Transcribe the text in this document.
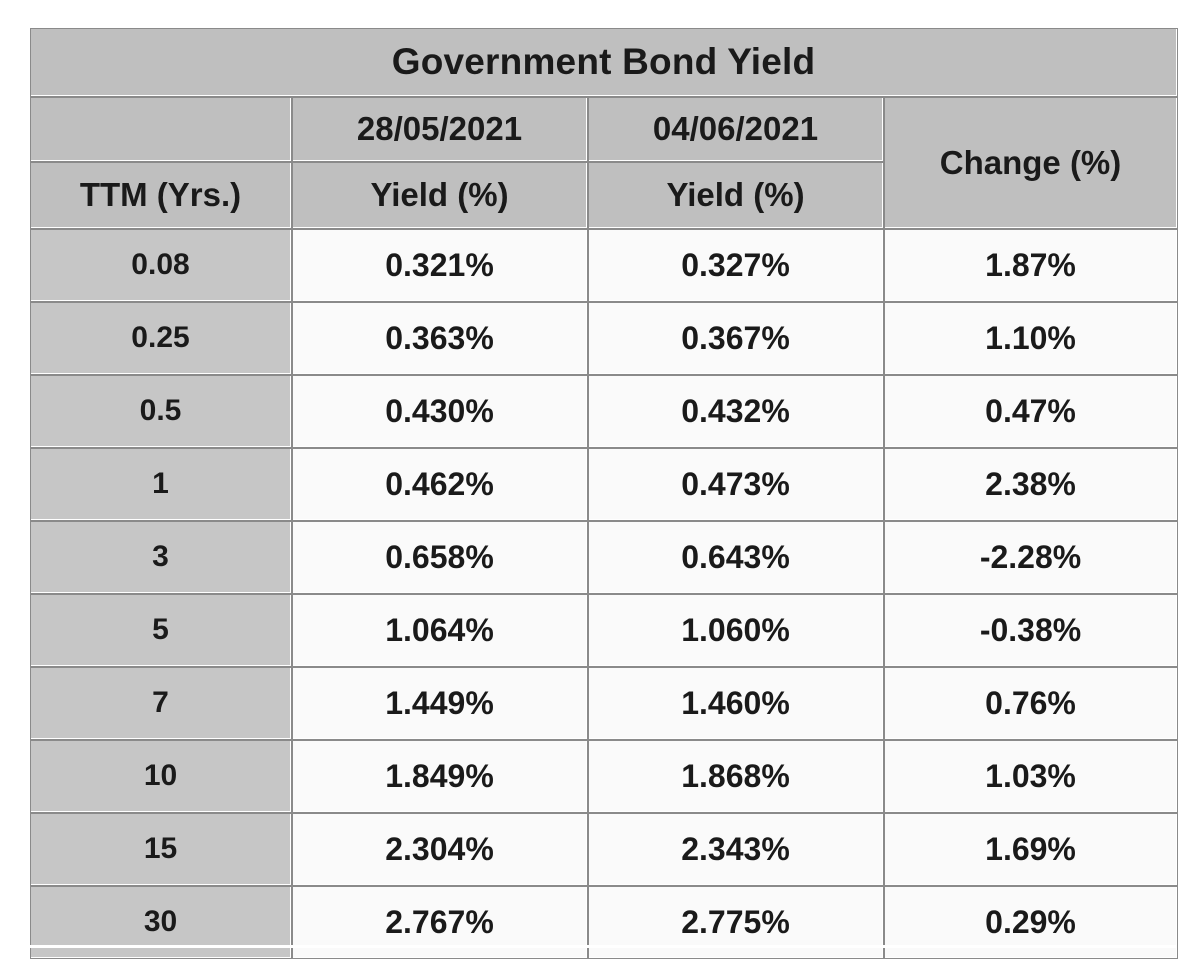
Government Bond Yield			
	28/05/2021	04/06/2021	Change (%)
TTM (Yrs.)	Yield (%)	Yield (%)	
0.08	0.321%	0.327%	1.87%
0.25	0.363%	0.367%	1.10%
0.5	0.430%	0.432%	0.47%
1	0.462%	0.473%	2.38%
3	0.658%	0.643%	-2.28%
5	1.064%	1.060%	-0.38%
7	1.449%	1.460%	0.76%
10	1.849%	1.868%	1.03%
15	2.304%	2.343%	1.69%
30	2.767%	2.775%	0.29%
